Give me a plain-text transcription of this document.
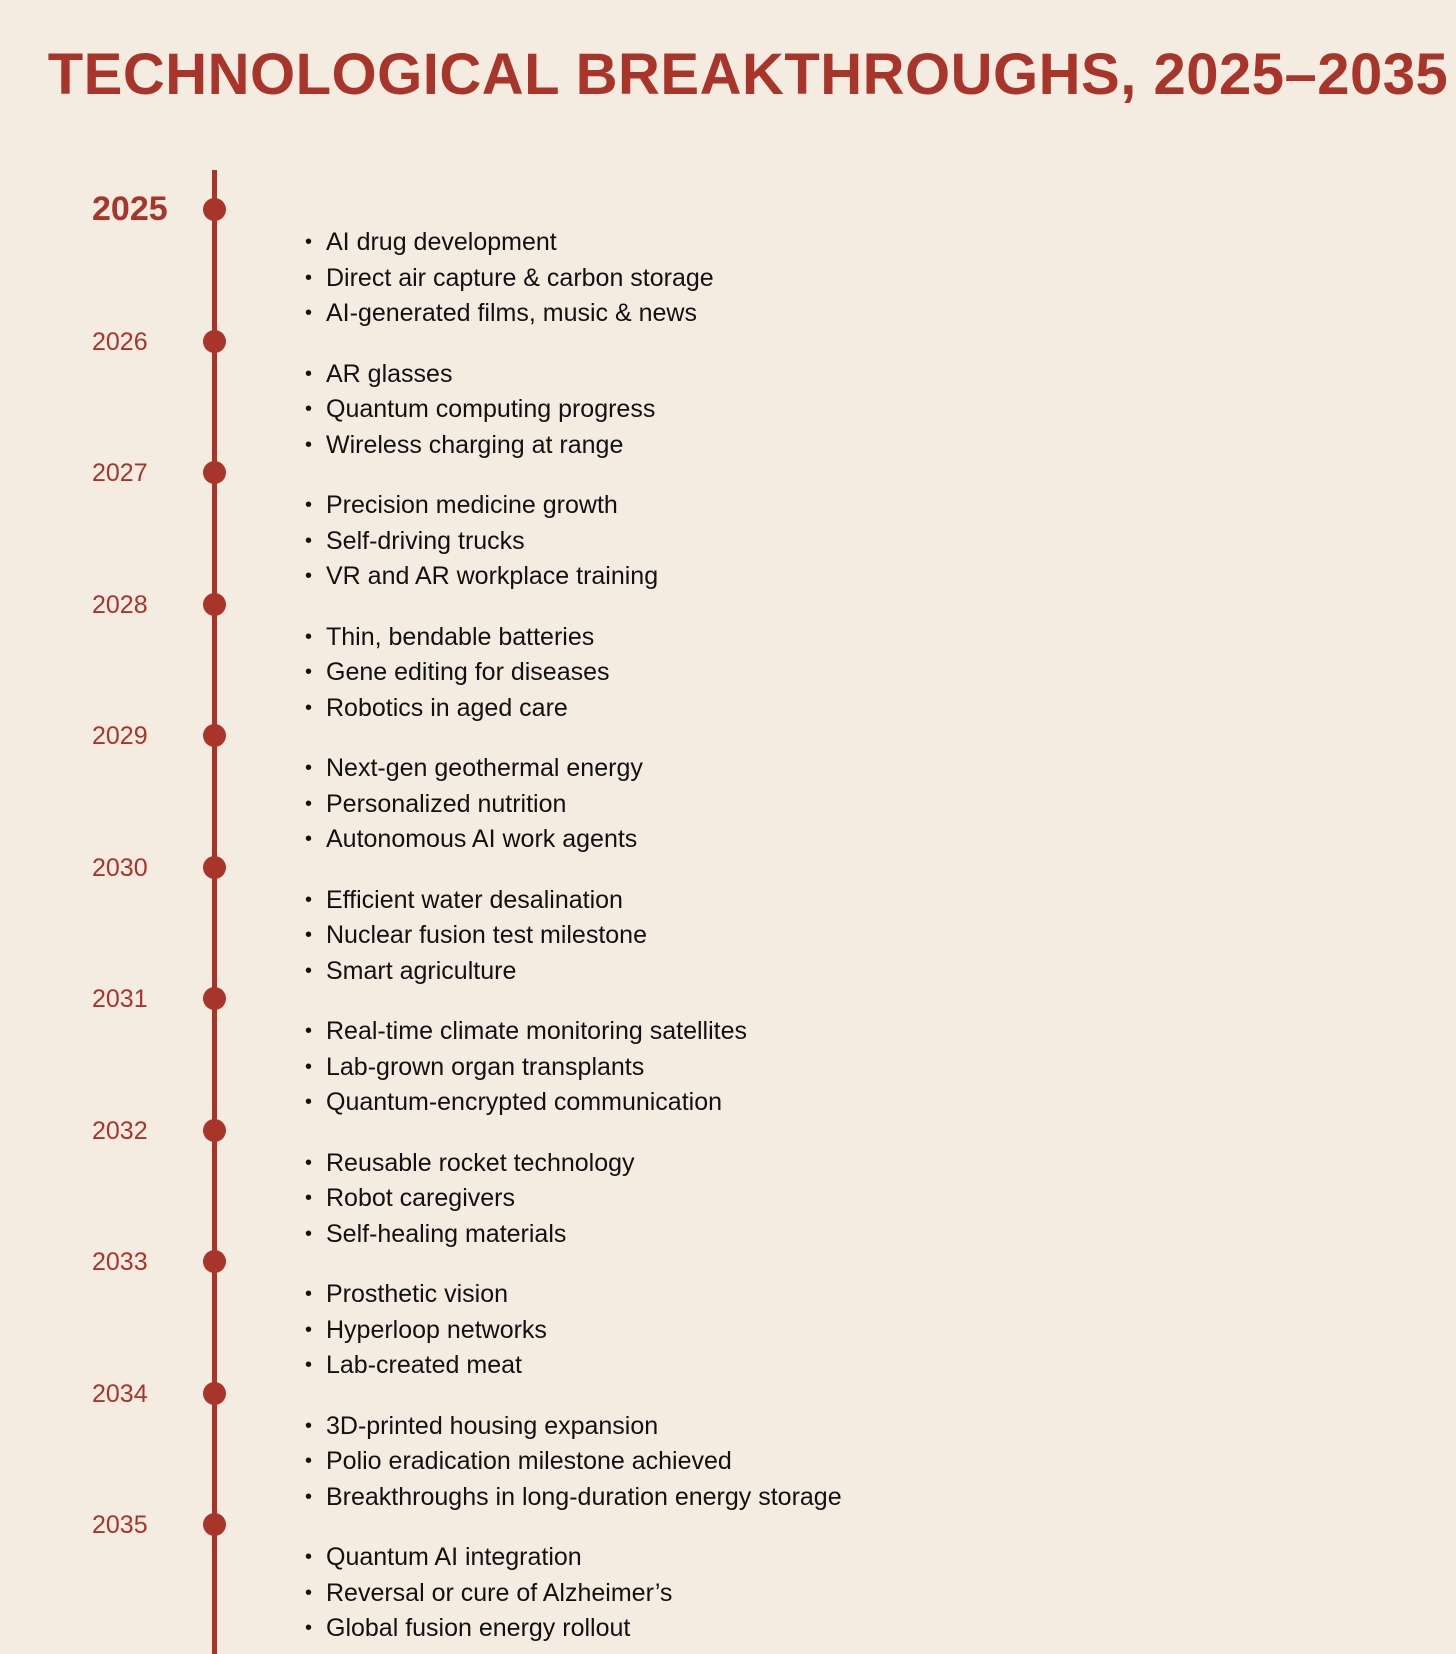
TECHNOLOGICAL BREAKTHROUGHS, 2025–2035
2025
• AI drug development
• Direct air capture & carbon storage
• AI-generated films, music & news
2026
• AR glasses
• Quantum computing progress
• Wireless charging at range
2027
• Precision medicine growth
• Self-driving trucks
• VR and AR workplace training
2028
• Thin, bendable batteries
• Gene editing for diseases
• Robotics in aged care
2029
• Next-gen geothermal energy
• Personalized nutrition
• Autonomous AI work agents
2030
• Efficient water desalination
• Nuclear fusion test milestone
• Smart agriculture
2031
• Real-time climate monitoring satellites
• Lab-grown organ transplants
• Quantum-encrypted communication
2032
• Reusable rocket technology
• Robot caregivers
• Self-healing materials
2033
• Prosthetic vision
• Hyperloop networks
• Lab-created meat
2034
• 3D-printed housing expansion
• Polio eradication milestone achieved
• Breakthroughs in long-duration energy storage
2035
• Quantum AI integration
• Reversal or cure of Alzheimer’s
• Global fusion energy rollout
